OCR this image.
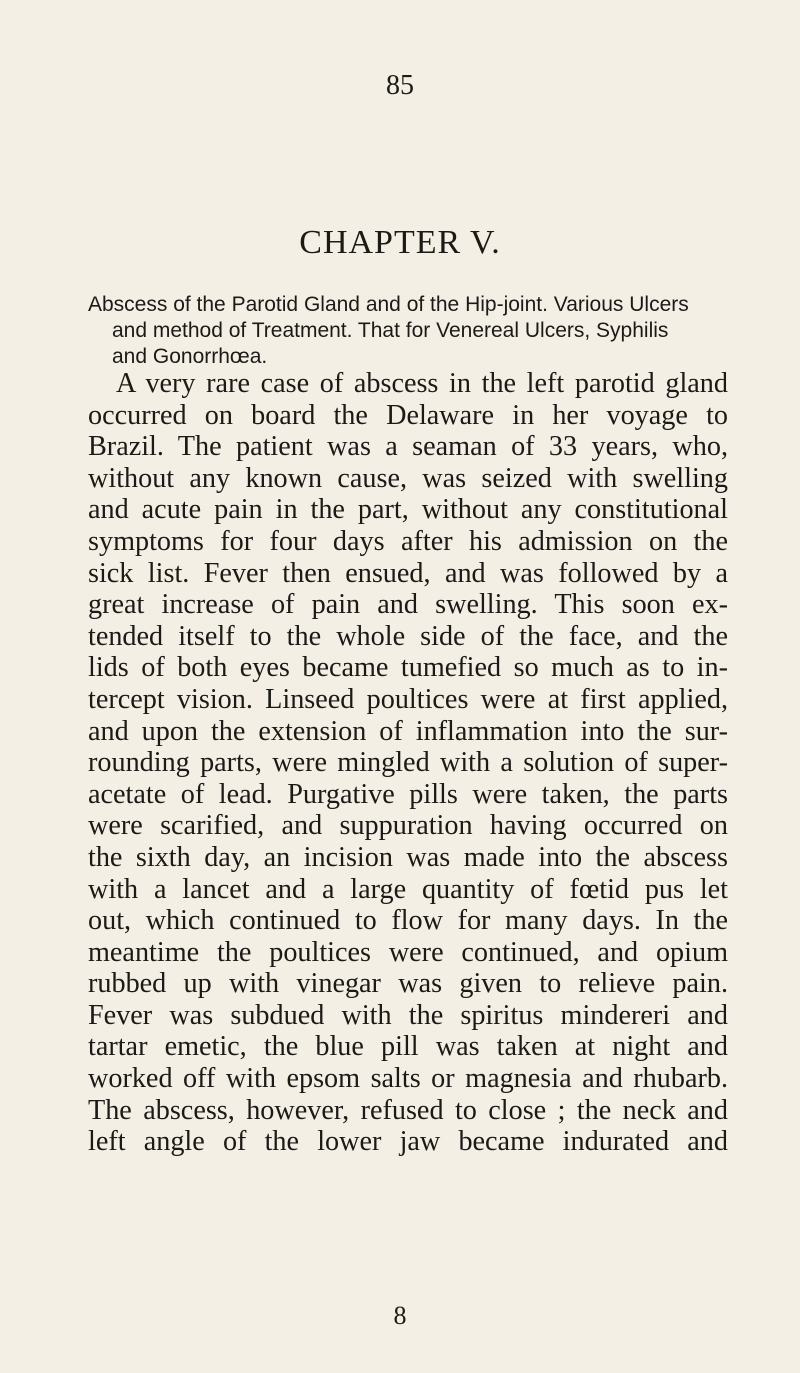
85
CHAPTER V.
Abscess of the Parotid Gland and of the Hip-joint. Various Ulcers
and method of Treatment. That for Venereal Ulcers, Syphilis
and Gonorrhœa.
A very rare case of abscess in the left parotid gland
occurred on board the Delaware in her voyage to
Brazil. The patient was a seaman of 33 years, who,
without any known cause, was seized with swelling
and acute pain in the part, without any constitutional
symptoms for four days after his admission on the
sick list. Fever then ensued, and was followed by a
great increase of pain and swelling. This soon ex-
tended itself to the whole side of the face, and the
lids of both eyes became tumefied so much as to in-
tercept vision. Linseed poultices were at first applied,
and upon the extension of inflammation into the sur-
rounding parts, were mingled with a solution of super-
acetate of lead. Purgative pills were taken, the parts
were scarified, and suppuration having occurred on
the sixth day, an incision was made into the abscess
with a lancet and a large quantity of fœtid pus let
out, which continued to flow for many days. In the
meantime the poultices were continued, and opium
rubbed up with vinegar was given to relieve pain.
Fever was subdued with the spiritus mindereri and
tartar emetic, the blue pill was taken at night and
worked off with epsom salts or magnesia and rhubarb.
The abscess, however, refused to close ; the neck and
left angle of the lower jaw became indurated and
8
